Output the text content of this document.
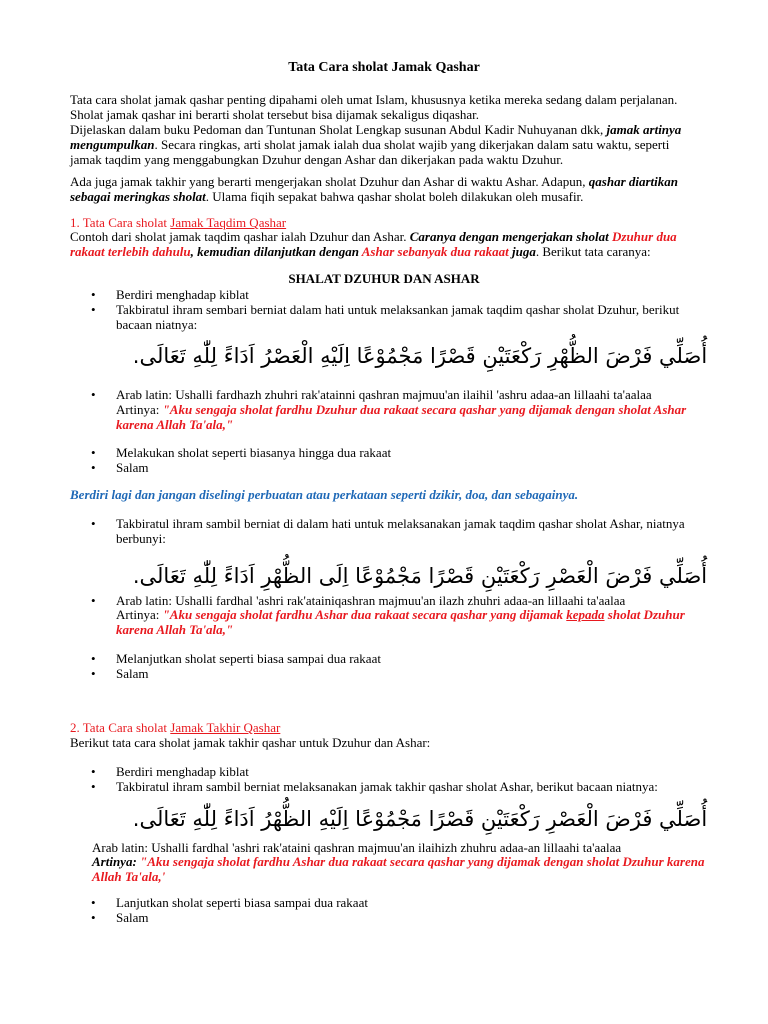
Tata Cara sholat Jamak Qashar
Tata cara sholat jamak qashar penting dipahami oleh umat Islam, khususnya ketika mereka sedang dalam perjalanan. Sholat jamak qashar ini berarti sholat tersebut bisa dijamak sekaligus diqashar.
Dijelaskan dalam buku Pedoman dan Tuntunan Sholat Lengkap susunan Abdul Kadir Nuhuyanan dkk, jamak artinya mengumpulkan. Secara ringkas, arti sholat jamak ialah dua sholat wajib yang dikerjakan dalam satu waktu, seperti jamak taqdim yang menggabungkan Dzuhur dengan Ashar dan dikerjakan pada waktu Dzuhur.
Ada juga jamak takhir yang berarti mengerjakan sholat Dzuhur dan Ashar di waktu Ashar. Adapun, qashar diartikan sebagai meringkas sholat. Ulama fiqih sepakat bahwa qashar sholat boleh dilakukan oleh musafir.
1. Tata Cara sholat Jamak Taqdim Qashar
Contoh dari sholat jamak taqdim qashar ialah Dzuhur dan Ashar. Caranya dengan mengerjakan sholat Dzuhur dua rakaat terlebih dahulu, kemudian dilanjutkan dengan Ashar sebanyak dua rakaat juga. Berikut tata caranya:
SHALAT DZUHUR DAN ASHAR
• Berdiri menghadap kiblat
• Takbiratul ihram sembari berniat dalam hati untuk melaksankan jamak taqdim qashar sholat Dzuhur, berikut bacaan niatnya:
أُصَلِّي فَرْضَ الظُّهْرِ رَكْعَتَيْنِ قَصْرًا مَجْمُوْعًا اِلَيْهِ الْعَصْرُ اَدَاءً لِلّٰهِ تَعَالَى.
• Arab latin: Ushalli fardhazh zhuhri rak'atainni qashran majmuu'an ilaihil 'ashru adaa-an lillaahi ta'aalaa
Artinya: "Aku sengaja sholat fardhu Dzuhur dua rakaat secara qashar yang dijamak dengan sholat Ashar karena Allah Ta'ala,"
• Melakukan sholat seperti biasanya hingga dua rakaat
• Salam
Berdiri lagi dan jangan diselingi perbuatan atau perkataan seperti dzikir, doa, dan sebagainya.
• Takbiratul ihram sambil berniat di dalam hati untuk melaksanakan jamak taqdim qashar sholat Ashar, niatnya berbunyi:
أُصَلِّي فَرْضَ الْعَصْرِ رَكْعَتَيْنِ قَصْرًا مَجْمُوْعًا اِلَى الظُّهْرِ اَدَاءً لِلّٰهِ تَعَالَى.
• Arab latin: Ushalli fardhal 'ashri rak'atainiqashran majmuu'an ilazh zhuhri adaa-an lillaahi ta'aalaa
Artinya: "Aku sengaja sholat fardhu Ashar dua rakaat secara qashar yang dijamak kepada sholat Dzuhur karena Allah Ta'ala,"
• Melanjutkan sholat seperti biasa sampai dua rakaat
• Salam
2. Tata Cara sholat Jamak Takhir Qashar
Berikut tata cara sholat jamak takhir qashar untuk Dzuhur dan Ashar:
• Berdiri menghadap kiblat
• Takbiratul ihram sambil berniat melaksanakan jamak takhir qashar sholat Ashar, berikut bacaan niatnya:
أُصَلِّي فَرْضَ الْعَصْرِ رَكْعَتَيْنِ قَصْرًا مَجْمُوْعًا اِلَيْهِ الظُّهْرُ اَدَاءً لِلّٰهِ تَعَالَى.
Arab latin: Ushalli fardhal 'ashri rak'ataini qashran majmuu'an ilaihizh zhuhru adaa-an lillaahi ta'aalaa
Artinya: "Aku sengaja sholat fardhu Ashar dua rakaat secara qashar yang dijamak dengan sholat Dzuhur karena Allah Ta'ala,'
• Lanjutkan sholat seperti biasa sampai dua rakaat
• Salam
